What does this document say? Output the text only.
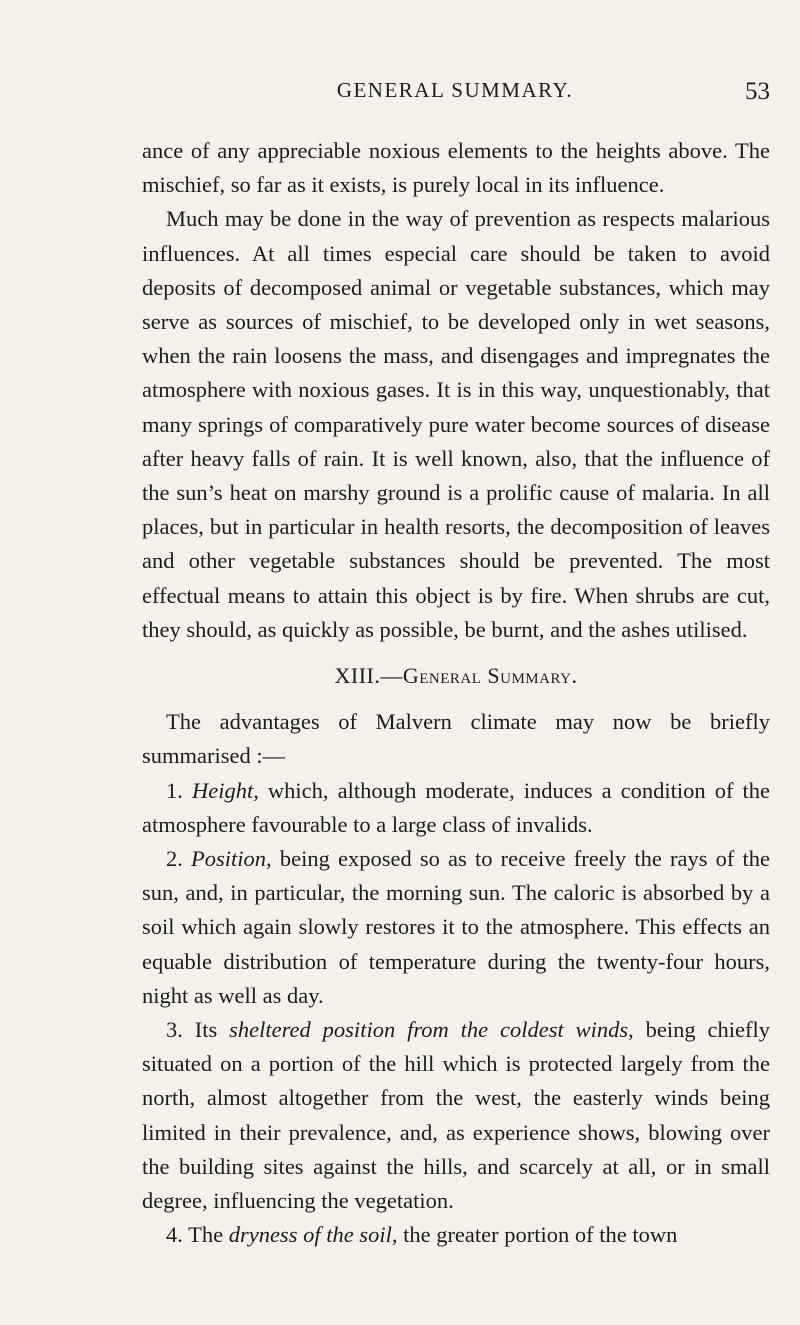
GENERAL SUMMARY.	53

ance of any appreciable noxious elements to the heights above. The mischief, so far as it exists, is purely local in its influence.

Much may be done in the way of prevention as respects malarious influences. At all times especial care should be taken to avoid deposits of decomposed animal or vegetable substances, which may serve as sources of mischief, to be developed only in wet seasons, when the rain loosens the mass, and disengages and impregnates the atmosphere with noxious gases. It is in this way, unquestionably, that many springs of comparatively pure water become sources of disease after heavy falls of rain. It is well known, also, that the influence of the sun’s heat on marshy ground is a prolific cause of malaria. In all places, but in particular in health resorts, the decomposition of leaves and other vegetable substances should be prevented. The most effectual means to attain this object is by fire. When shrubs are cut, they should, as quickly as possible, be burnt, and the ashes utilised.

XIII.—General Summary.

The advantages of Malvern climate may now be briefly summarised :—

1. Height, which, although moderate, induces a condition of the atmosphere favourable to a large class of invalids.

2. Position, being exposed so as to receive freely the rays of the sun, and, in particular, the morning sun. The caloric is absorbed by a soil which again slowly restores it to the atmosphere. This effects an equable distribution of temperature during the twenty-four hours, night as well as day.

3. Its sheltered position from the coldest winds, being chiefly situated on a portion of the hill which is protected largely from the north, almost altogether from the west, the easterly winds being limited in their prevalence, and, as experience shows, blowing over the building sites against the hills, and scarcely at all, or in small degree, influencing the vegetation.

4. The dryness of the soil, the greater portion of the town
